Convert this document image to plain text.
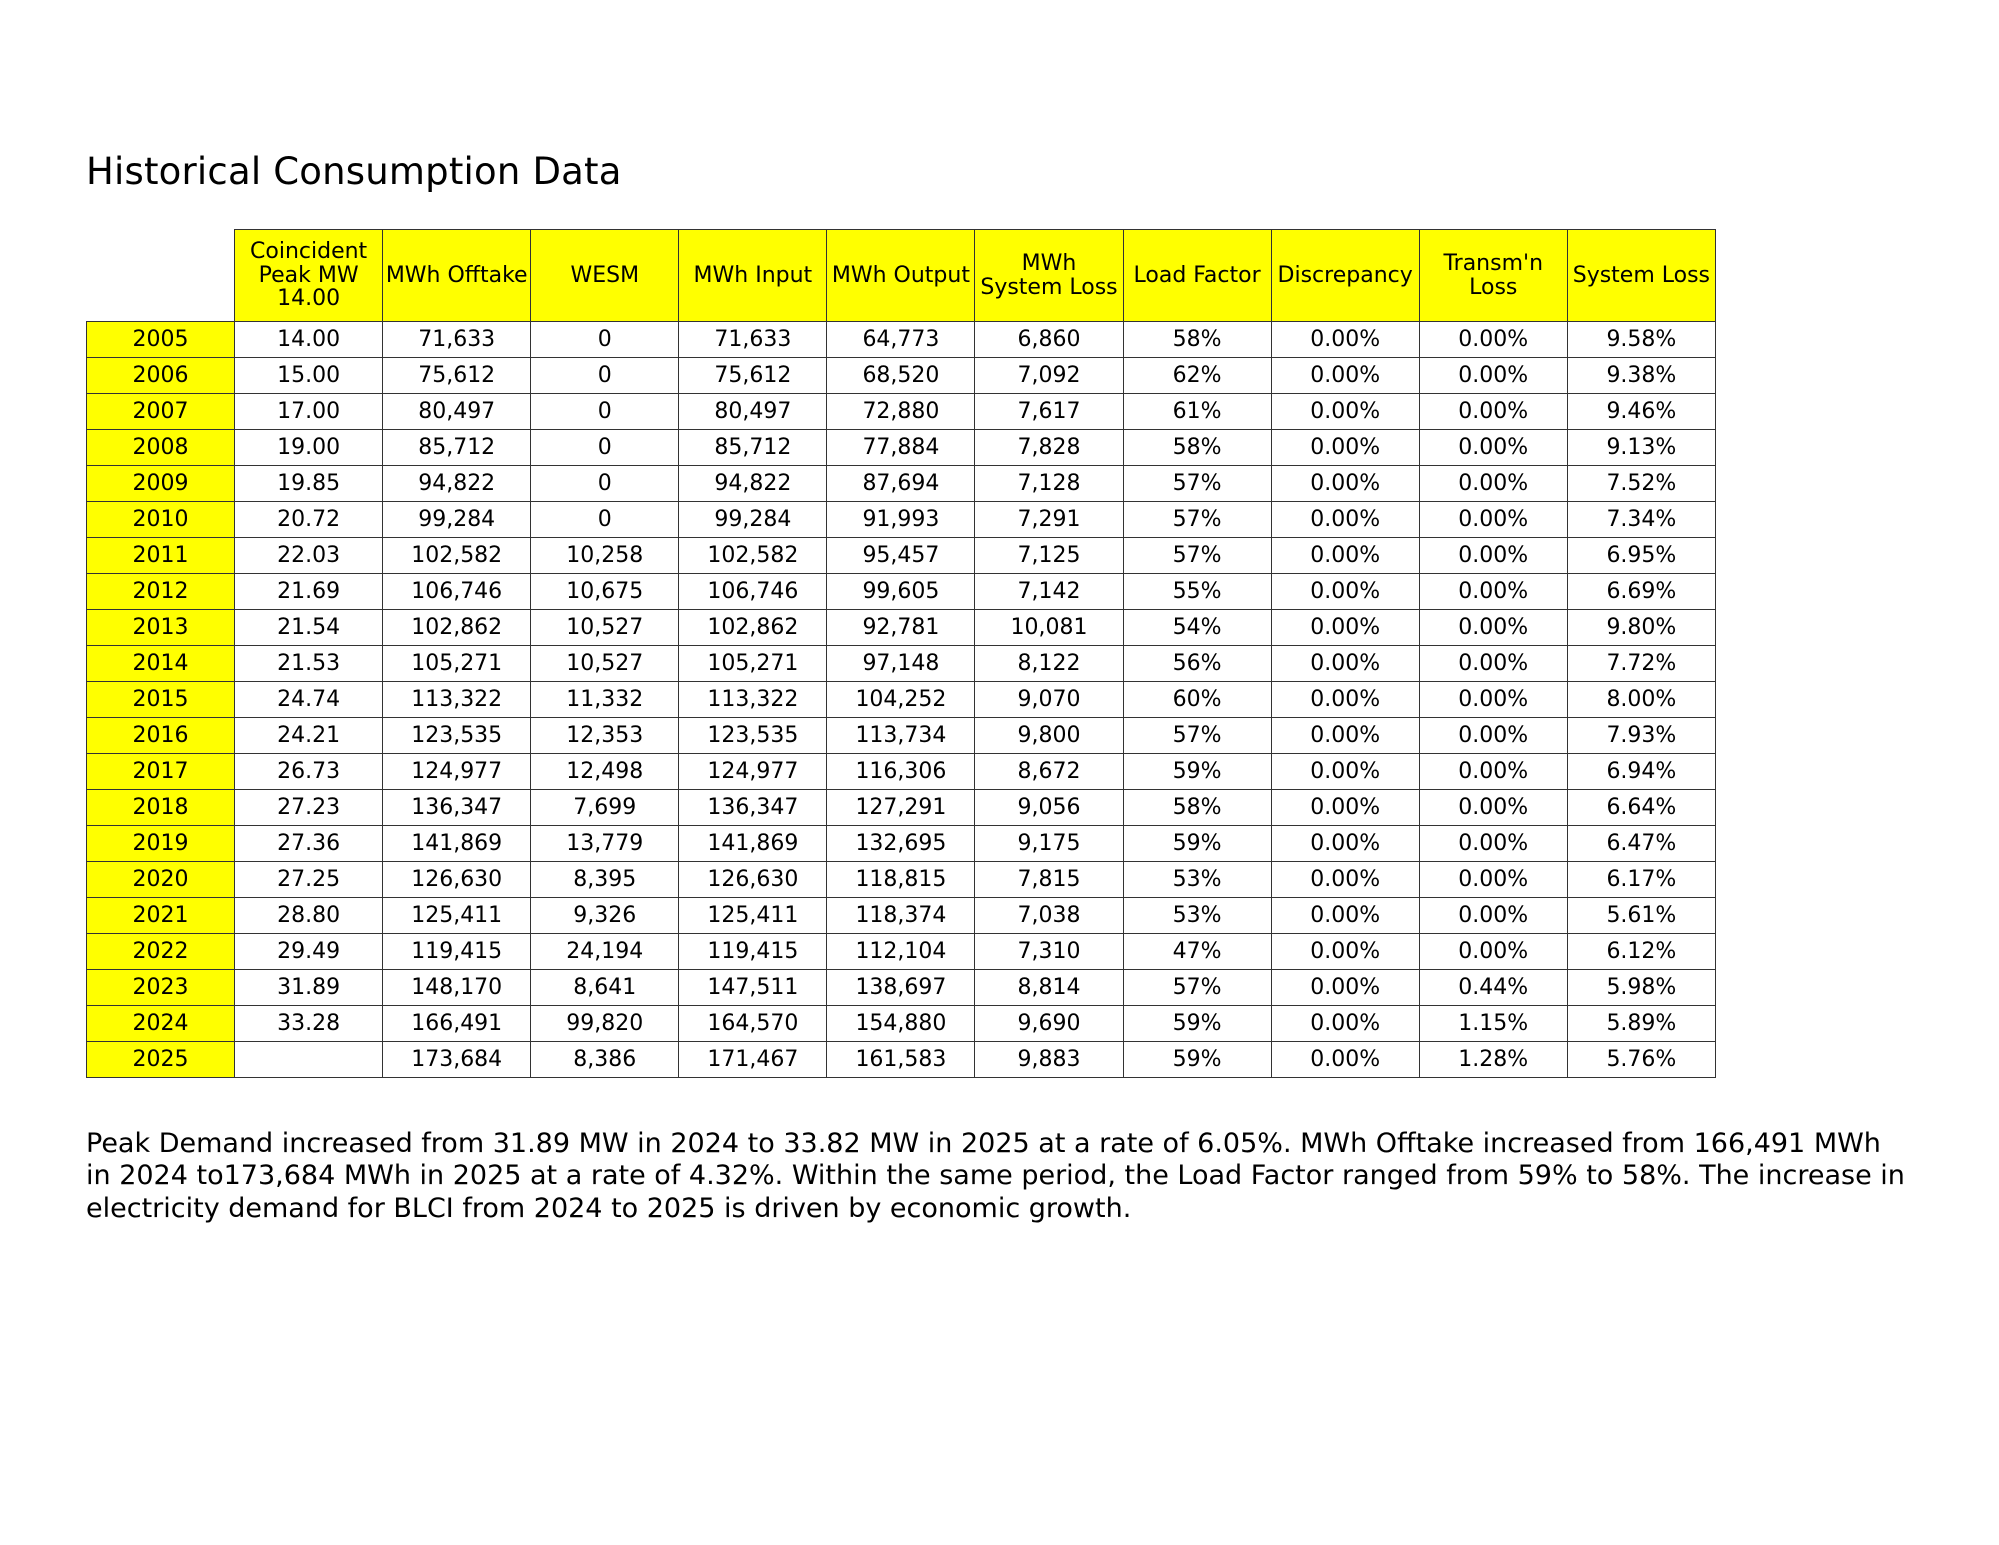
Historical Consumption Data
	Coincident Peak MW 14.00	MWh Offtake	WESM	MWh Input	MWh Output	MWh System Loss	Load Factor	Discrepancy	Transm'n Loss	System Loss
2005	14.00	71,633	0	71,633	64,773	6,860	58%	0.00%	0.00%	9.58%
2006	15.00	75,612	0	75,612	68,520	7,092	62%	0.00%	0.00%	9.38%
2007	17.00	80,497	0	80,497	72,880	7,617	61%	0.00%	0.00%	9.46%
2008	19.00	85,712	0	85,712	77,884	7,828	58%	0.00%	0.00%	9.13%
2009	19.85	94,822	0	94,822	87,694	7,128	57%	0.00%	0.00%	7.52%
2010	20.72	99,284	0	99,284	91,993	7,291	57%	0.00%	0.00%	7.34%
2011	22.03	102,582	10,258	102,582	95,457	7,125	57%	0.00%	0.00%	6.95%
2012	21.69	106,746	10,675	106,746	99,605	7,142	55%	0.00%	0.00%	6.69%
2013	21.54	102,862	10,527	102,862	92,781	10,081	54%	0.00%	0.00%	9.80%
2014	21.53	105,271	10,527	105,271	97,148	8,122	56%	0.00%	0.00%	7.72%
2015	24.74	113,322	11,332	113,322	104,252	9,070	60%	0.00%	0.00%	8.00%
2016	24.21	123,535	12,353	123,535	113,734	9,800	57%	0.00%	0.00%	7.93%
2017	26.73	124,977	12,498	124,977	116,306	8,672	59%	0.00%	0.00%	6.94%
2018	27.23	136,347	7,699	136,347	127,291	9,056	58%	0.00%	0.00%	6.64%
2019	27.36	141,869	13,779	141,869	132,695	9,175	59%	0.00%	0.00%	6.47%
2020	27.25	126,630	8,395	126,630	118,815	7,815	53%	0.00%	0.00%	6.17%
2021	28.80	125,411	9,326	125,411	118,374	7,038	53%	0.00%	0.00%	5.61%
2022	29.49	119,415	24,194	119,415	112,104	7,310	47%	0.00%	0.00%	6.12%
2023	31.89	148,170	8,641	147,511	138,697	8,814	57%	0.00%	0.44%	5.98%
2024	33.28	166,491	99,820	164,570	154,880	9,690	59%	0.00%	1.15%	5.89%
2025		173,684	8,386	171,467	161,583	9,883	59%	0.00%	1.28%	5.76%

Peak Demand increased from 31.89 MW in 2024 to 33.82 MW in 2025 at a rate of 6.05%. MWh Offtake increased from 166,491 MWh in 2024 to173,684 MWh in 2025 at a rate of 4.32%. Within the same period, the Load Factor ranged from 59% to 58%. The increase in electricity demand for BLCI from 2024 to 2025 is driven by economic growth.
